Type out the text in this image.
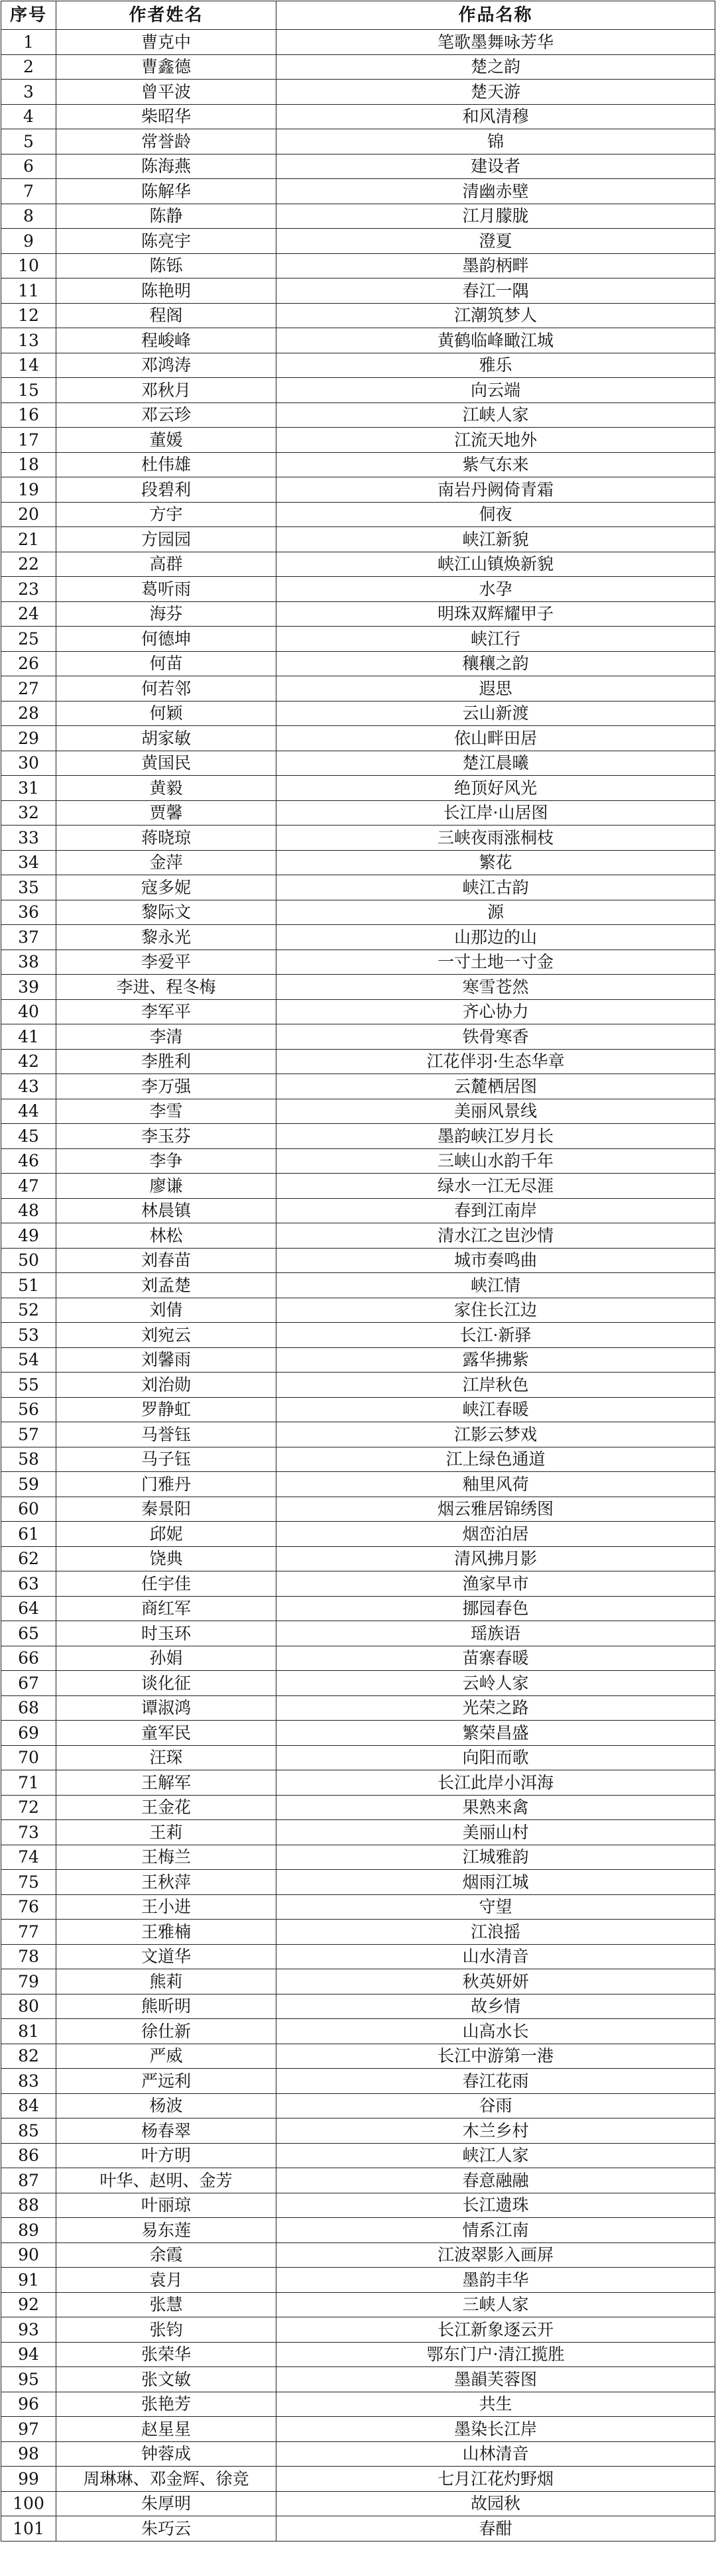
序号	作者姓名	作品名称
1	曹克中	笔歌墨舞咏芳华
2	曹鑫德	楚之韵
3	曾平波	楚天游
4	柴昭华	和风清穆
5	常誉龄	锦
6	陈海燕	建设者
7	陈解华	清幽赤壁
8	陈静	江月朦胧
9	陈亮宇	澄夏
10	陈铄	墨韵柄畔
11	陈艳明	春江一隅
12	程阁	江潮筑梦人
13	程峻峰	黄鹤临峰瞰江城
14	邓鸿涛	雅乐
15	邓秋月	向云端
16	邓云珍	江峡人家
17	董媛	江流天地外
18	杜伟雄	紫气东来
19	段碧利	南岩丹阙倚青霜
20	方宇	侗夜
21	方园园	峡江新貌
22	高群	峡江山镇焕新貌
23	葛听雨	水孕
24	海芬	明珠双辉耀甲子
25	何德坤	峡江行
26	何苗	穰穰之韵
27	何若邻	遐思
28	何颖	云山新渡
29	胡家敏	依山畔田居
30	黄国民	楚江晨曦
31	黄毅	绝顶好风光
32	贾馨	长江岸·山居图
33	蒋晓琼	三峡夜雨涨桐枝
34	金萍	繁花
35	寇多妮	峡江古韵
36	黎际文	源
37	黎永光	山那边的山
38	李爱平	一寸土地一寸金
39	李进、程冬梅	寒雪苍然
40	李军平	齐心协力
41	李清	铁骨寒香
42	李胜利	江花伴羽·生态华章
43	李万强	云麓栖居图
44	李雪	美丽风景线
45	李玉芬	墨韵峡江岁月长
46	李争	三峡山水韵千年
47	廖谦	绿水一江无尽涯
48	林晨镇	春到江南岸
49	林松	清水江之岜沙情
50	刘春苗	城市奏鸣曲
51	刘孟楚	峡江情
52	刘倩	家住长江边
53	刘宛云	长江·新驿
54	刘馨雨	露华拂紫
55	刘治勋	江岸秋色
56	罗静虹	峡江春暖
57	马誉钰	江影云梦戏
58	马子钰	江上绿色通道
59	门雅丹	釉里风荷
60	秦景阳	烟云雅居锦绣图
61	邱妮	烟峦泊居
62	饶典	清风拂月影
63	任宇佳	渔家早市
64	商红军	挪园春色
65	时玉环	瑶族语
66	孙娟	苗寨春暖
67	谈化征	云岭人家
68	谭淑鸿	光荣之路
69	童军民	繁荣昌盛
70	汪琛	向阳而歌
71	王解军	长江此岸小洱海
72	王金花	果熟来禽
73	王莉	美丽山村
74	王梅兰	江城雅韵
75	王秋萍	烟雨江城
76	王小进	守望
77	王雅楠	江浪摇
78	文道华	山水清音
79	熊莉	秋英妍妍
80	熊昕明	故乡情
81	徐仕新	山高水长
82	严威	长江中游第一港
83	严远利	春江花雨
84	杨波	谷雨
85	杨春翠	木兰乡村
86	叶方明	峡江人家
87	叶华、赵明、金芳	春意融融
88	叶丽琼	长江遗珠
89	易东莲	情系江南
90	余霞	江波翠影入画屏
91	袁月	墨韵丰华
92	张慧	三峡人家
93	张钧	长江新象逐云开
94	张荣华	鄂东门户·清江揽胜
95	张文敏	墨韻芙蓉图
96	张艳芳	共生
97	赵星星	墨染长江岸
98	钟蓉成	山林清音
99	周琳琳、邓金辉、徐竞	七月江花灼野烟
100	朱厚明	故园秋
101	朱巧云	春酣
